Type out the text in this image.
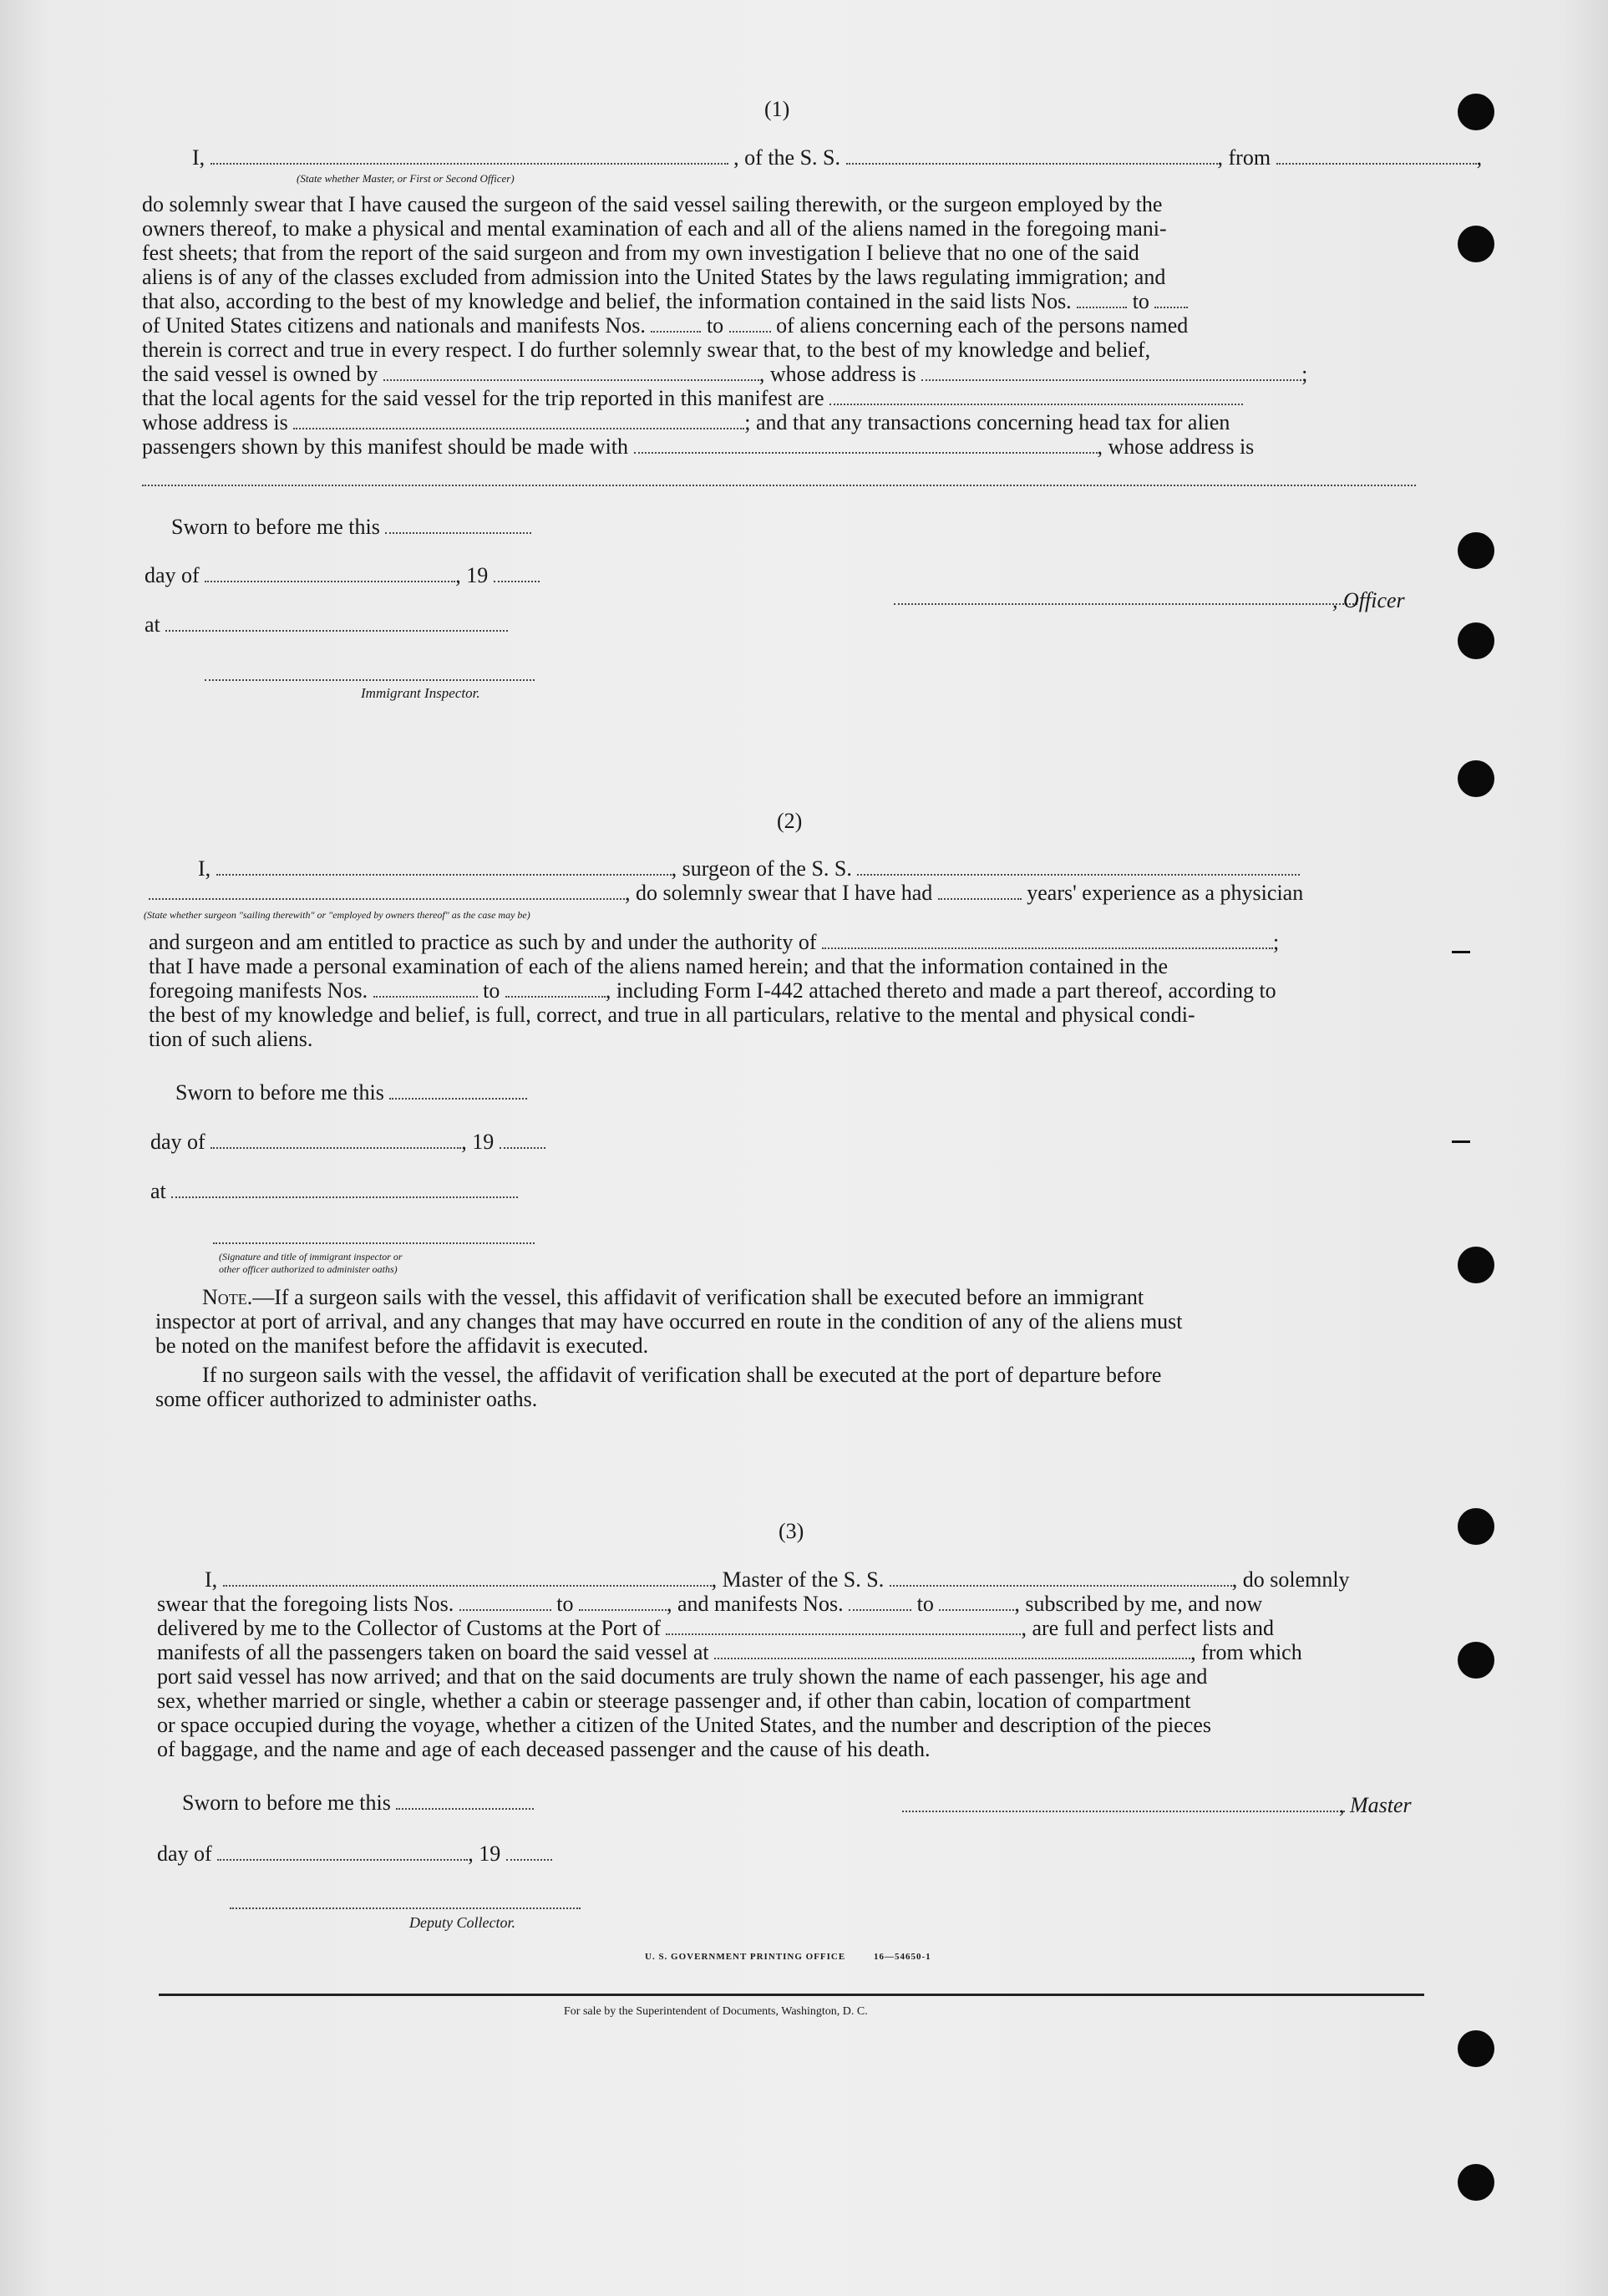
(1)
I,	, of the S. S.	, from	,
(State whether Master, or First or Second Officer)
do solemnly swear that I have caused the surgeon of the said vessel sailing therewith, or the surgeon employed by the
owners thereof, to make a physical and mental examination of each and all of the aliens named in the foregoing mani-
fest sheets; that from the report of the said surgeon and from my own investigation I believe that no one of the said
aliens is of any of the classes excluded from admission into the United States by the laws regulating immigration; and
that also, according to the best of my knowledge and belief, the information contained in the said lists Nos.	to
of United States citizens and nationals and manifests Nos.	to of aliens concerning each of the persons named
therein is correct and true in every respect. I do further solemnly swear that, to the best of my knowledge and belief,
the said vessel is owned by	, whose address is	;
that the local agents for the said vessel for the trip reported in this manifest are
whose address is	; and that any transactions concerning head tax for alien
passengers shown by this manifest should be made with	, whose address is
Sworn to before me this
day of	, 19
, Officer
at
Immigrant Inspector.
(2)
I,	, surgeon of the S. S.
, do solemnly swear that I have had	years' experience as a physician
(State whether surgeon "sailing therewith" or "employed by owners thereof" as the case may be)
and surgeon and am entitled to practice as such by and under the authority of	;
that I have made a personal examination of each of the aliens named herein; and that the information contained in the
foregoing manifests Nos.	to	, including Form I-442 attached thereto and made a part thereof, according to
the best of my knowledge and belief, is full, correct, and true in all particulars, relative to the mental and physical condi-
tion of such aliens.
Sworn to before me this
day of	, 19
at
(Signature and title of immigrant inspector or
other officer authorized to administer oaths)
Note.—If a surgeon sails with the vessel, this affidavit of verification shall be executed before an immigrant
inspector at port of arrival, and any changes that may have occurred en route in the condition of any of the aliens must
be noted on the manifest before the affidavit is executed.
If no surgeon sails with the vessel, the affidavit of verification shall be executed at the port of departure before
some officer authorized to administer oaths.
(3)
I,	, Master of the S. S.	, do solemnly
swear that the foregoing lists Nos.	to	, and manifests Nos.	to	, subscribed by me, and now
delivered by me to the Collector of Customs at the Port of	, are full and perfect lists and
manifests of all the passengers taken on board the said vessel at	, from which
port said vessel has now arrived; and that on the said documents are truly shown the name of each passenger, his age and
sex, whether married or single, whether a cabin or steerage passenger and, if other than cabin, location of compartment
or space occupied during the voyage, whether a citizen of the United States, and the number and description of the pieces
of baggage, and the name and age of each deceased passenger and the cause of his death.
Sworn to before me this	, Master
day of	, 19
Deputy Collector.
U. S. GOVERNMENT PRINTING OFFICE	16—54650-1
For sale by the Superintendent of Documents, Washington, D. C.
